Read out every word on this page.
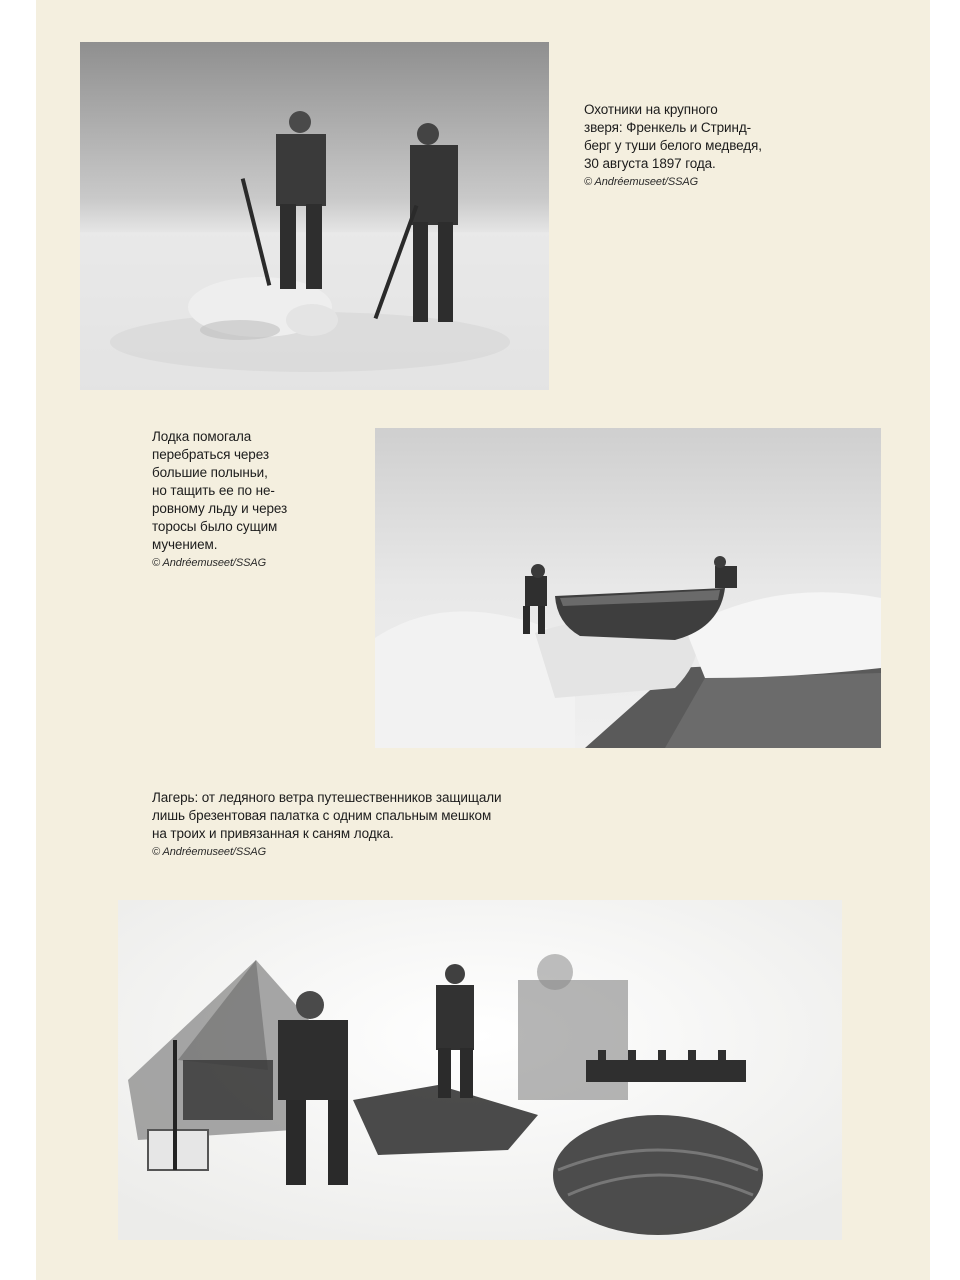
Охотники на крупного
зверя: Френкель и Стринд-
берг у туши белого медведя,
30 августа 1897 года.
© Andréemuseet/SSAG
Лодка помогала
перебраться через
большие полыньи,
но тащить ее по не-
ровному льду и через
торосы было сущим
мучением.
© Andréemuseet/SSAG
Лагерь: от ледяного ветра путешественников защищали
лишь брезентовая палатка с одним спальным мешком
на троих и привязанная к саням лодка.
© Andréemuseet/SSAG
